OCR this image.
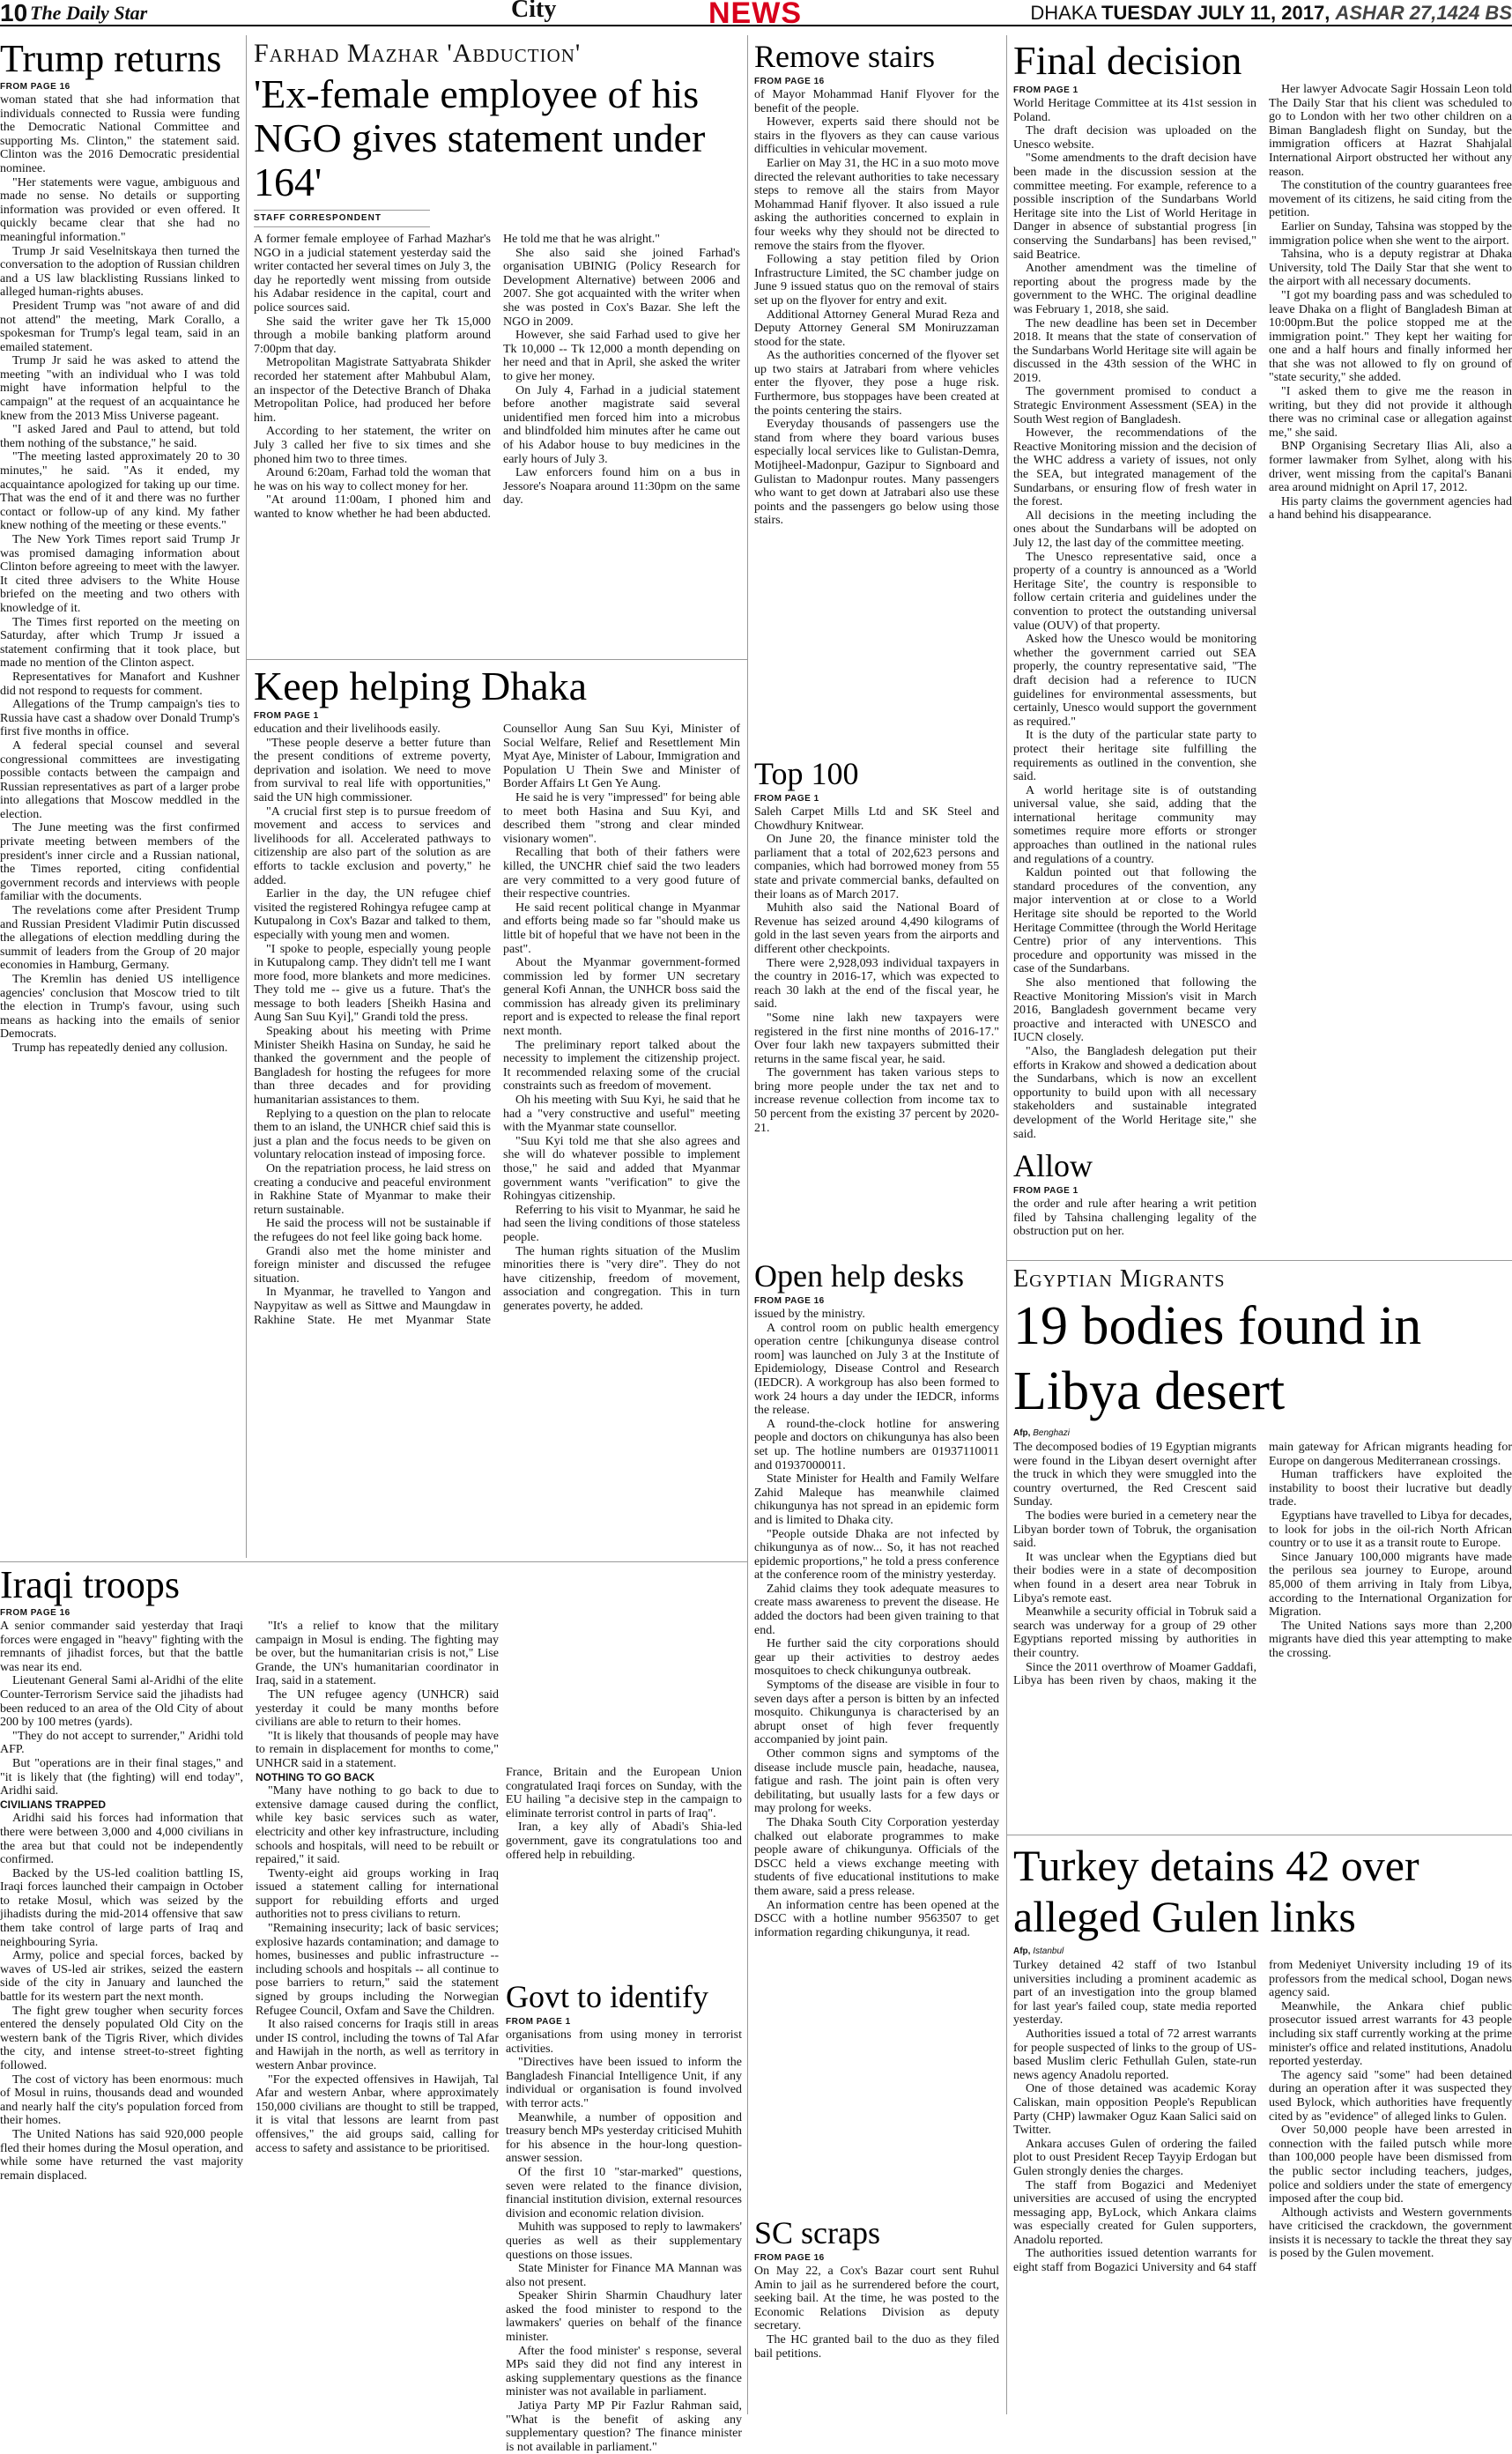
10 The Daily Star	City	NEWS	DHAKA TUESDAY JULY 11, 2017, ASHAR 27,1424 BS
Trump returns
FROM PAGE 16

woman stated that she had information that individuals connected to Russia were funding the Democratic National Committee and supporting Ms. Clinton," the statement said. Clinton was the 2016 Democratic presidential nominee.

"Her statements were vague, ambiguous and made no sense. No details or supporting information was provided or even offered. It quickly became clear that she had no meaningful information."

Trump Jr said Veselnitskaya then turned the conversation to the adoption of Russian children and a US law blacklisting Russians linked to alleged human-rights abuses.

President Trump was "not aware of and did not attend" the meeting, Mark Corallo, a spokesman for Trump's legal team, said in an emailed statement.

Trump Jr said he was asked to attend the meeting "with an individual who I was told might have information helpful to the campaign" at the request of an acquaintance he knew from the 2013 Miss Universe pageant.

"I asked Jared and Paul to attend, but told them nothing of the substance," he said.

"The meeting lasted approximately 20 to 30 minutes," he said. "As it ended, my acquaintance apologized for taking up our time. That was the end of it and there was no further contact or follow-up of any kind. My father knew nothing of the meeting or these events."

The New York Times report said Trump Jr was promised damaging information about Clinton before agreeing to meet with the lawyer. It cited three advisers to the White House briefed on the meeting and two others with knowledge of it.

The Times first reported on the meeting on Saturday, after which Trump Jr issued a statement confirming that it took place, but made no mention of the Clinton aspect.

Representatives for Manafort and Kushner did not respond to requests for comment.

Allegations of the Trump campaign's ties to Russia have cast a shadow over Donald Trump's first five months in office.

A federal special counsel and several congressional committees are investigating possible contacts between the campaign and Russian representatives as part of a larger probe into allegations that Moscow meddled in the election.

The June meeting was the first confirmed private meeting between members of the president's inner circle and a Russian national, the Times reported, citing confidential government records and interviews with people familiar with the documents.

The revelations come after President Trump and Russian President Vladimir Putin discussed the allegations of election meddling during the summit of leaders from the Group of 20 major economies in Hamburg, Germany.

The Kremlin has denied US intelligence agencies' conclusion that Moscow tried to tilt the election in Trump's favour, using such means as hacking into the emails of senior Democrats.

Trump has repeatedly denied any collusion.

Farhad Mazhar 'Abduction'
'Ex-female employee of his NGO gives statement under 164'
STAFF CORRESPONDENT

A former female employee of Farhad Mazhar's NGO in a judicial statement yesterday said the writer contacted her several times on July 3, the day he reportedly went missing from outside his Adabar residence in the capital, court and police sources said.

She said the writer gave her Tk 15,000 through a mobile banking platform around 7:00pm that day.

Metropolitan Magistrate Sattyabrata Shikder recorded her statement after Mahbubul Alam, an inspector of the Detective Branch of Dhaka Metropolitan Police, had produced her before him.

According to her statement, the writer on July 3 called her five to six times and she phoned him two to three times.

Around 6:20am, Farhad told the woman that he was on his way to collect money for her.

"At around 11:00am, I phoned him and wanted to know whether he had been abducted. He told me that he was alright."

She also said she joined Farhad's organisation UBINIG (Policy Research for Development Alternative) between 2006 and 2007. She got acquainted with the writer when she was posted in Cox's Bazar. She left the NGO in 2009.

However, she said Farhad used to give her Tk 10,000 -- Tk 12,000 a month depending on her need and that in April, she asked the writer to give her money.

On July 4, Farhad in a judicial statement before another magistrate said several unidentified men forced him into a microbus and blindfolded him minutes after he came out of his Adabor house to buy medicines in the early hours of July 3.

Law enforcers found him on a bus in Jessore's Noapara around 11:30pm on the same day.

Keep helping Dhaka
FROM PAGE 1

education and their livelihoods easily.

"These people deserve a better future than the present conditions of extreme poverty, deprivation and isolation. We need to move from survival to real life with opportunities," said the UN high commissioner.

"A crucial first step is to pursue freedom of movement and access to services and livelihoods for all. Accelerated pathways to citizenship are also part of the solution as are efforts to tackle exclusion and poverty," he added.

Earlier in the day, the UN refugee chief visited the registered Rohingya refugee camp at Kutupalong in Cox's Bazar and talked to them, especially with young men and women.

"I spoke to people, especially young people in Kutupalong camp. They didn't tell me I want more food, more blankets and more medicines. They told me -- give us a future. That's the message to both leaders [Sheikh Hasina and Aung San Suu Kyi]," Grandi told the press.

Speaking about his meeting with Prime Minister Sheikh Hasina on Sunday, he said he thanked the government and the people of Bangladesh for hosting the refugees for more than three decades and for providing humanitarian assistances to them.

Replying to a question on the plan to relocate them to an island, the UNHCR chief said this is just a plan and the focus needs to be given on voluntary relocation instead of imposing force.

On the repatriation process, he laid stress on creating a conducive and peaceful environment in Rakhine State of Myanmar to make their return sustainable.

He said the process will not be sustainable if the refugees do not feel like going back home.

Grandi also met the home minister and foreign minister and discussed the refugee situation.

In Myanmar, he travelled to Yangon and Naypyitaw as well as Sittwe and Maungdaw in Rakhine State. He met Myanmar State Counsellor Aung San Suu Kyi, Minister of Social Welfare, Relief and Resettlement Min Myat Aye, Minister of Labour, Immigration and Population U Thein Swe and Minister of Border Affairs Lt Gen Ye Aung.

He said he is very "impressed" for being able to meet both Hasina and Suu Kyi, and described them "strong and clear minded visionary women".

Recalling that both of their fathers were killed, the UNCHR chief said the two leaders are very committed to a very good future of their respective countries.

He said recent political change in Myanmar and efforts being made so far "should make us little bit of hopeful that we have not been in the past".

About the Myanmar government-formed commission led by former UN secretary general Kofi Annan, the UNHCR boss said the commission has already given its preliminary report and is expected to release the final report next month.

The preliminary report talked about the necessity to implement the citizenship project. It recommended relaxing some of the crucial constraints such as freedom of movement.

Oh his meeting with Suu Kyi, he said that he had a "very constructive and useful" meeting with the Myanmar state counsellor.

"Suu Kyi told me that she also agrees and she will do whatever possible to implement those," he said and added that Myanmar government wants "verification" to give the Rohingyas citizenship.

Referring to his visit to Myanmar, he said he had seen the living conditions of those stateless people.

The human rights situation of the Muslim minorities there is "very dire". They do not have citizenship, freedom of movement, association and congregation. This in turn generates poverty, he added.

Iraqi troops
FROM PAGE 16

A senior commander said yesterday that Iraqi forces were engaged in "heavy" fighting with the remnants of jihadist forces, but that the battle was near its end.

Lieutenant General Sami al-Aridhi of the elite Counter-Terrorism Service said the jihadists had been reduced to an area of the Old City of about 200 by 100 metres (yards).

"They do not accept to surrender," Aridhi told AFP.

But "operations are in their final stages," and "it is likely that (the fighting) will end today", Aridhi said.

CIVILIANS TRAPPED

Aridhi said his forces had information that there were between 3,000 and 4,000 civilians in the area but that could not be independently confirmed.

Backed by the US-led coalition battling IS, Iraqi forces launched their campaign in October to retake Mosul, which was seized by the jihadists during the mid-2014 offensive that saw them take control of large parts of Iraq and neighbouring Syria.

Army, police and special forces, backed by waves of US-led air strikes, seized the eastern side of the city in January and launched the battle for its western part the next month.

The fight grew tougher when security forces entered the densely populated Old City on the western bank of the Tigris River, which divides the city, and intense street-to-street fighting followed.

The cost of victory has been enormous: much of Mosul in ruins, thousands dead and wounded and nearly half the city's population forced from their homes.

The United Nations has said 920,000 people fled their homes during the Mosul operation, and while some have returned the vast majority remain displaced.

"It's a relief to know that the military campaign in Mosul is ending. The fighting may be over, but the humanitarian crisis is not," Lise Grande, the UN's humanitarian coordinator in Iraq, said in a statement.

The UN refugee agency (UNHCR) said yesterday it could be many months before civilians are able to return to their homes.

"It is likely that thousands of people may have to remain in displacement for months to come," UNHCR said in a statement.

NOTHING TO GO BACK

"Many have nothing to go back to due to extensive damage caused during the conflict, while key basic services such as water, electricity and other key infrastructure, including schools and hospitals, will need to be rebuilt or repaired," it said.

Twenty-eight aid groups working in Iraq issued a statement calling for international support for rebuilding efforts and urged authorities not to press civilians to return.

"Remaining insecurity; lack of basic services; explosive hazards contamination; and damage to homes, businesses and public infrastructure -- including schools and hospitals -- all continue to pose barriers to return," said the statement signed by groups including the Norwegian Refugee Council, Oxfam and Save the Children.

It also raised concerns for Iraqis still in areas under IS control, including the towns of Tal Afar and Hawijah in the north, as well as territory in western Anbar province.

"For the expected offensives in Hawijah, Tal Afar and western Anbar, where approximately 150,000 civilians are thought to still be trapped, it is vital that lessons are learnt from past offensives," the aid groups said, calling for access to safety and assistance to be prioritised.

Remove stairs
FROM PAGE 16

of Mayor Mohammad Hanif Flyover for the benefit of the people.

However, experts said there should not be stairs in the flyovers as they can cause various difficulties in vehicular movement.

Earlier on May 31, the HC in a suo moto move directed the relevant authorities to take necessary steps to remove all the stairs from Mayor Mohammad Hanif flyover. It also issued a rule asking the authorities concerned to explain in four weeks why they should not be directed to remove the stairs from the flyover.

Following a stay petition filed by Orion Infrastructure Limited, the SC chamber judge on June 9 issued status quo on the removal of stairs set up on the flyover for entry and exit.

Additional Attorney General Murad Reza and Deputy Attorney General SM Moniruzzaman stood for the state.

As the authorities concerned of the flyover set up two stairs at Jatrabari from where vehicles enter the flyover, they pose a huge risk. Furthermore, bus stoppages have been created at the points centering the stairs.

Everyday thousands of passengers use the stand from where they board various buses especially local services like to Gulistan-Demra, Motijheel-Madonpur, Gazipur to Signboard and Gulistan to Madonpur routes. Many passengers who want to get down at Jatrabari also use these points and the passengers go below using those stairs.

Top 100
FROM PAGE 1

Saleh Carpet Mills Ltd and SK Steel and Chowdhury Knitwear.

On June 20, the finance minister told the parliament that a total of 202,623 persons and companies, which had borrowed money from 55 state and private commercial banks, defaulted on their loans as of March 2017.

Muhith also said the National Board of Revenue has seized around 4,490 kilograms of gold in the last seven years from the airports and different other checkpoints.

There were 2,928,093 individual taxpayers in the country in 2016-17, which was expected to reach 30 lakh at the end of the fiscal year, he said.

"Some nine lakh new taxpayers were registered in the first nine months of 2016-17." Over four lakh new taxpayers submitted their returns in the same fiscal year, he said.

The government has taken various steps to bring more people under the tax net and to increase revenue collection from income tax to 50 percent from the existing 37 percent by 2020-21.

Open help desks
FROM PAGE 16

issued by the ministry.

A control room on public health emergency operation centre [chikungunya disease control room] was launched on July 3 at the Institute of Epidemiology, Disease Control and Research (IEDCR). A workgroup has also been formed to work 24 hours a day under the IEDCR, informs the release.

A round-the-clock hotline for answering people and doctors on chikungunya has also been set up. The hotline numbers are 01937110011 and 01937000011.

State Minister for Health and Family Welfare Zahid Maleque has meanwhile claimed chikungunya has not spread in an epidemic form and is limited to Dhaka city.

"People outside Dhaka are not infected by chikungunya as of now... So, it has not reached epidemic proportions," he told a press conference at the conference room of the ministry yesterday.

Zahid claims they took adequate measures to create mass awareness to prevent the disease. He added the doctors had been given training to that end.

He further said the city corporations should gear up their activities to destroy aedes mosquitoes to check chikungunya outbreak.

Symptoms of the disease are visible in four to seven days after a person is bitten by an infected mosquito. Chikungunya is characterised by an abrupt onset of high fever frequently accompanied by joint pain.

Other common signs and symptoms of the disease include muscle pain, headache, nausea, fatigue and rash. The joint pain is often very debilitating, but usually lasts for a few days or may prolong for weeks.

The Dhaka South City Corporation yesterday chalked out elaborate programmes to make people aware of chikungunya. Officials of the DSCC held a views exchange meeting with students of five educational institutions to make them aware, said a press release.

An information centre has been opened at the DSCC with a hotline number 9563507 to get information regarding chikungunya, it read.

SC scraps
FROM PAGE 16

On May 22, a Cox's Bazar court sent Ruhul Amin to jail as he surrendered before the court, seeking bail. At the time, he was posted to the Economic Relations Division as deputy secretary.

The HC granted bail to the duo as they filed bail petitions.

France, Britain and the European Union congratulated Iraqi forces on Sunday, with the EU hailing "a decisive step in the campaign to eliminate terrorist control in parts of Iraq".

Iran, a key ally of Abadi's Shia-led government, gave its congratulations too and offered help in rebuilding.

Govt to identify
FROM PAGE 1

organisations from using money in terrorist activities.

"Directives have been issued to inform the Bangladesh Financial Intelligence Unit, if any individual or organisation is found involved with terror acts."

Meanwhile, a number of opposition and treasury bench MPs yesterday criticised Muhith for his absence in the hour-long question-answer session.

Of the first 10 "star-marked" questions, seven were related to the finance division, financial institution division, external resources division and economic relation division.

Muhith was supposed to reply to lawmakers' queries as well as their supplementary questions on those issues.

State Minister for Finance MA Mannan was also not present.

Speaker Shirin Sharmin Chaudhury later asked the food minister to respond to the lawmakers' queries on behalf of the finance minister.

After the food minister' s response, several MPs said they did not find any interest in asking supplementary questions as the finance minister was not available in parliament.

Jatiya Party MP Pir Fazlur Rahman said, "What is the benefit of asking any supplementary question? The finance minister is not available in parliament."

Final decision
FROM PAGE 1

World Heritage Committee at its 41st session in Poland.

The draft decision was uploaded on the Unesco website.

"Some amendments to the draft decision have been made in the discussion session at the committee meeting. For example, reference to a possible inscription of the Sundarbans World Heritage site into the List of World Heritage in Danger in absence of substantial progress [in conserving the Sundarbans] has been revised," said Beatrice.

Another amendment was the timeline of reporting about the progress made by the government to the WHC. The original deadline was February 1, 2018, she said.

The new deadline has been set in December 2018. It means that the state of conservation of the Sundarbans World Heritage site will again be discussed in the 43th session of the WHC in 2019.

The government promised to conduct a Strategic Environment Assessment (SEA) in the South West region of Bangladesh.

However, the recommendations of the Reactive Monitoring mission and the decision of the WHC address a variety of issues, not only the SEA, but integrated management of the Sundarbans, or ensuring flow of fresh water in the forest.

All decisions in the meeting including the ones about the Sundarbans will be adopted on July 12, the last day of the committee meeting.

The Unesco representative said, once a property of a country is announced as a 'World Heritage Site', the country is responsible to follow certain criteria and guidelines under the convention to protect the outstanding universal value (OUV) of that property.

Asked how the Unesco would be monitoring whether the government carried out SEA properly, the country representative said, "The draft decision had a reference to IUCN guidelines for environmental assessments, but certainly, Unesco would support the government as required."

It is the duty of the particular state party to protect their heritage site fulfilling the requirements as outlined in the convention, she said.

A world heritage site is of outstanding universal value, she said, adding that the international heritage community may sometimes require more efforts or stronger approaches than outlined in the national rules and regulations of a country.

Kaldun pointed out that following the standard procedures of the convention, any major intervention at or close to a World Heritage site should be reported to the World Heritage Committee (through the World Heritage Centre) prior of any interventions. This procedure and opportunity was missed in the case of the Sundarbans.

She also mentioned that following the Reactive Monitoring Mission's visit in March 2016, Bangladesh government became very proactive and interacted with UNESCO and IUCN closely.

"Also, the Bangladesh delegation put their efforts in Krakow and showed a dedication about the Sundarbans, which is now an excellent opportunity to build upon with all necessary stakeholders and sustainable integrated development of the World Heritage site," she said.

Allow
FROM PAGE 1

the order and rule after hearing a writ petition filed by Tahsina challenging legality of the obstruction put on her.

Her lawyer Advocate Sagir Hossain Leon told The Daily Star that his client was scheduled to go to London with her two other children on a Biman Bangladesh flight on Sunday, but the immigration officers at Hazrat Shahjalal International Airport obstructed her without any reason.

The constitution of the country guarantees free movement of its citizens, he said citing from the petition.

Earlier on Sunday, Tahsina was stopped by the immigration police when she went to the airport.

Tahsina, who is a deputy registrar at Dhaka University, told The Daily Star that she went to the airport with all necessary documents.

"I got my boarding pass and was scheduled to leave Dhaka on a flight of Bangladesh Biman at 10:00pm.But the police stopped me at the immigration point." They kept her waiting for one and a half hours and finally informed her that she was not allowed to fly on ground of "state security," she added.

"I asked them to give me the reason in writing, but they did not provide it although there was no criminal case or allegation against me," she said.

BNP Organising Secretary Ilias Ali, also a former lawmaker from Sylhet, along with his driver, went missing from the capital's Banani area around midnight on April 17, 2012.

His party claims the government agencies had a hand behind his disappearance.

Egyptian Migrants
19 bodies found in Libya desert
Afp, Benghazi

The decomposed bodies of 19 Egyptian migrants were found in the Libyan desert overnight after the truck in which they were smuggled into the country overturned, the Red Crescent said Sunday.

The bodies were buried in a cemetery near the Libyan border town of Tobruk, the organisation said.

It was unclear when the Egyptians died but their bodies were in a state of decomposition when found in a desert area near Tobruk in Libya's remote east.

Meanwhile a security official in Tobruk said a search was underway for a group of 29 other Egyptians reported missing by authorities in their country.

Since the 2011 overthrow of Moamer Gaddafi, Libya has been riven by chaos, making it the main gateway for African migrants heading for Europe on dangerous Mediterranean crossings.

Human traffickers have exploited the instability to boost their lucrative but deadly trade.

Egyptians have travelled to Libya for decades, to look for jobs in the oil-rich North African country or to use it as a transit route to Europe.

Since January 100,000 migrants have made the perilous sea journey to Europe, around 85,000 of them arriving in Italy from Libya, according to the International Organization for Migration.

The United Nations says more than 2,200 migrants have died this year attempting to make the crossing.

Turkey detains 42 over alleged Gulen links
Afp, Istanbul

Turkey detained 42 staff of two Istanbul universities including a prominent academic as part of an investigation into the group blamed for last year's failed coup, state media reported yesterday.

Authorities issued a total of 72 arrest warrants for people suspected of links to the group of US-based Muslim cleric Fethullah Gulen, state-run news agency Anadolu reported.

One of those detained was academic Koray Caliskan, main opposition People's Republican Party (CHP) lawmaker Oguz Kaan Salici said on Twitter.

Ankara accuses Gulen of ordering the failed plot to oust President Recep Tayyip Erdogan but Gulen strongly denies the charges.

The staff from Bogazici and Medeniyet universities are accused of using the encrypted messaging app, ByLock, which Ankara claims was especially created for Gulen supporters, Anadolu reported.

The authorities issued detention warrants for eight staff from Bogazici University and 64 staff from Medeniyet University including 19 of its professors from the medical school, Dogan news agency said.

Meanwhile, the Ankara chief public prosecutor issued arrest warrants for 43 people including six staff currently working at the prime minister's office and related institutions, Anadolu reported yesterday.

The agency said "some" had been detained during an operation after it was suspected they used Bylock, which authorities have frequently cited by as "evidence" of alleged links to Gulen.

Over 50,000 people have been arrested in connection with the failed putsch while more than 100,000 people have been dismissed from the public sector including teachers, judges, police and soldiers under the state of emergency imposed after the coup bid.

Although activists and Western governments have criticised the crackdown, the government insists it is necessary to tackle the threat they say is posed by the Gulen movement.
